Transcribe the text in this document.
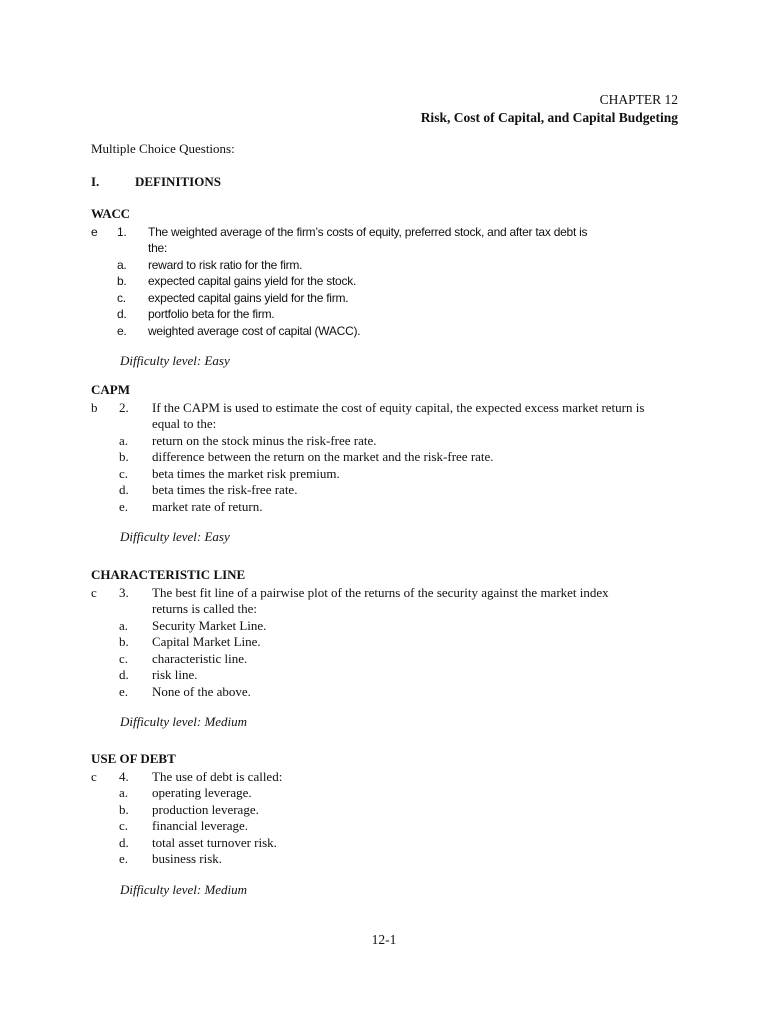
CHAPTER 12
Risk, Cost of Capital, and Capital Budgeting
Multiple Choice Questions:
I.	DEFINITIONS
WACC
e 1.	The weighted average of the firm’s costs of equity, preferred stock, and after tax debt is
the:
a. reward to risk ratio for the firm.
b. expected capital gains yield for the stock.
c. expected capital gains yield for the firm.
d. portfolio beta for the firm.
e. weighted average cost of capital (WACC).
Difficulty level: Easy
CAPM
b 2.	If the CAPM is used to estimate the cost of equity capital, the expected excess market return is
equal to the:
a. return on the stock minus the risk-free rate.
b. difference between the return on the market and the risk-free rate.
c. beta times the market risk premium.
d. beta times the risk-free rate.
e. market rate of return.
Difficulty level: Easy
CHARACTERISTIC LINE
c 3.	The best fit line of a pairwise plot of the returns of the security against the market index
returns is called the:
a. Security Market Line.
b. Capital Market Line.
c. characteristic line.
d. risk line.
e. None of the above.
Difficulty level: Medium
USE OF DEBT
c 4.	The use of debt is called:
a. operating leverage.
b. production leverage.
c. financial leverage.
d. total asset turnover risk.
e. business risk.
Difficulty level: Medium
12-1
